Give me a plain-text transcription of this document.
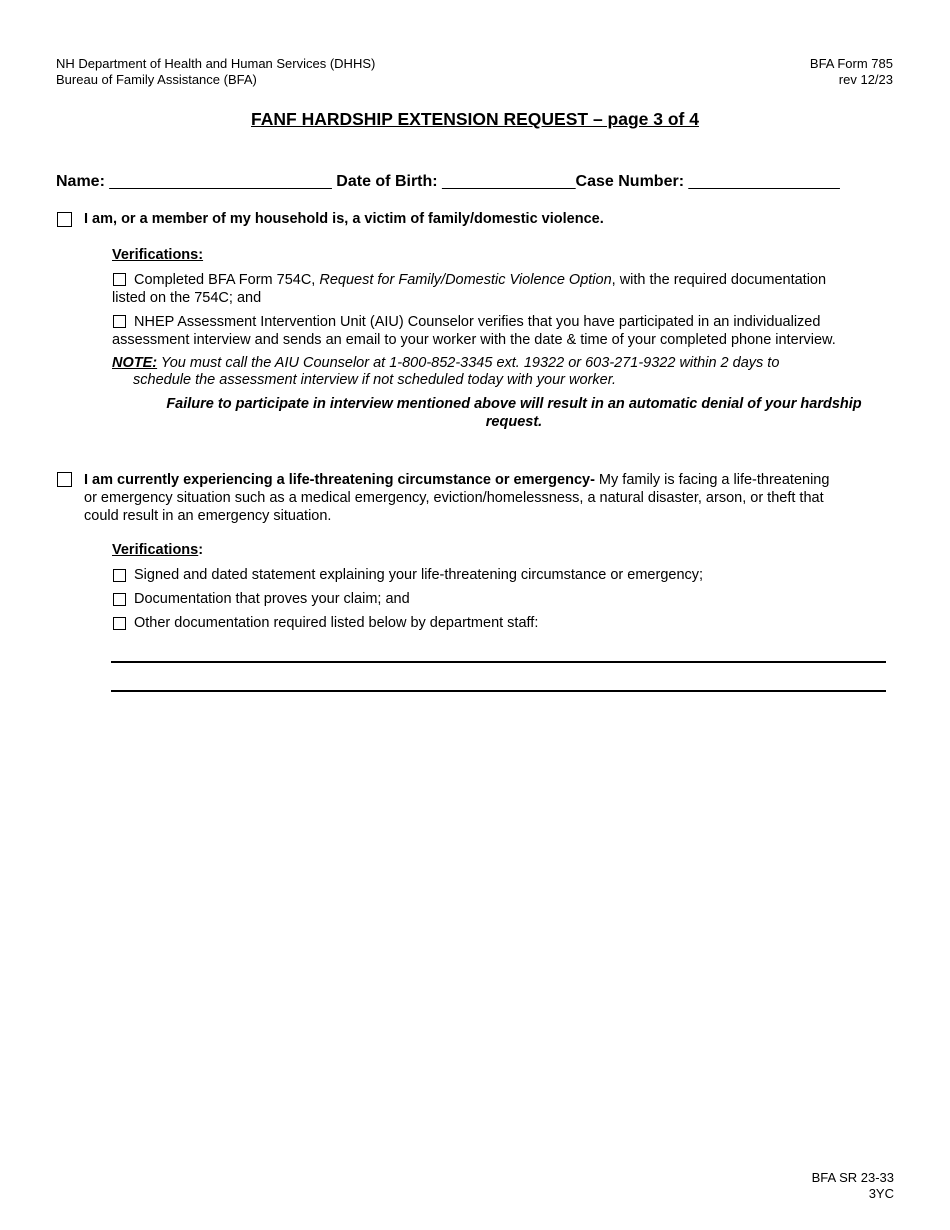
NH Department of Health and Human Services (DHHS)
Bureau of Family Assistance (BFA)
BFA Form 785
rev 12/23
FANF HARDSHIP EXTENSION REQUEST – page 3 of 4
Name:
_________________________
Date of Birth:
_______________ Case Number:
_________________
I am, or a member of my household is, a victim of family/domestic violence.
Verifications:
Completed BFA Form 754C, Request for Family/Domestic Violence Option, with the required documentation
listed on the 754C; and
NHEP Assessment Intervention Unit (AIU) Counselor verifies that you have participated in an individualized
assessment interview and sends an email to your worker with the date & time of your completed phone interview.
NOTE: You must call the AIU Counselor at 1-800-852-3345 ext. 19322 or 603-271-9322 within 2 days to
schedule the assessment interview if not scheduled today with your worker.
Failure to participate in interview mentioned above will result in an automatic denial of your hardship
request.
I am currently experiencing a life-threatening circumstance or emergency- My family is facing a life-threatening
or emergency situation such as a medical emergency, eviction/homelessness, a natural disaster, arson, or theft that
could result in an emergency situation.
Verifications:
Signed and dated statement explaining your life-threatening circumstance or emergency;
Documentation that proves your claim; and
Other documentation required listed below by department staff:
BFA SR 23-33
3YC
